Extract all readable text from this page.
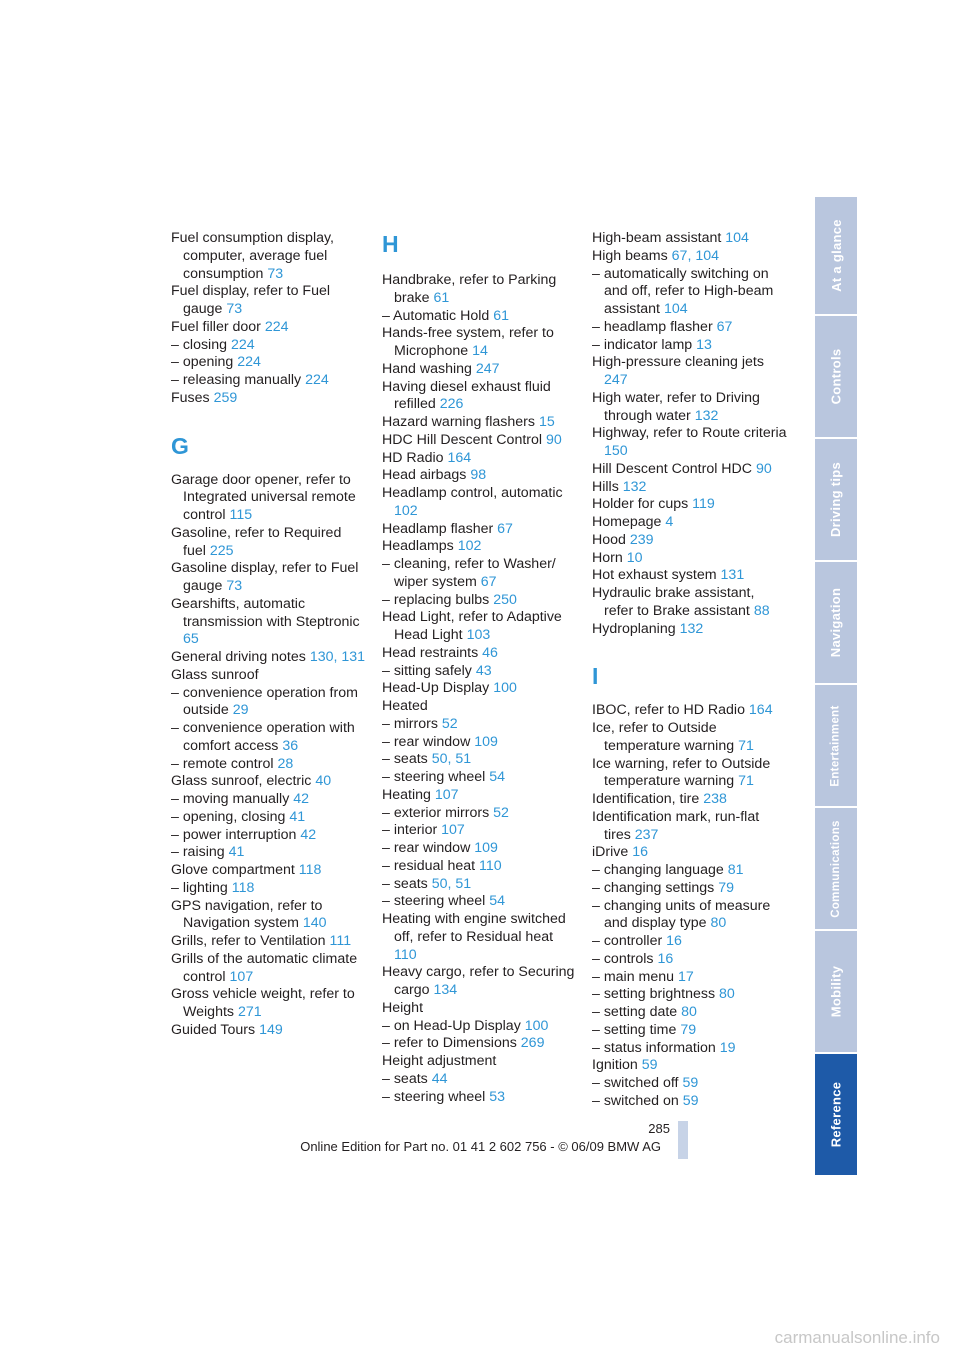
Fuel consumption display, computer, average fuel consumption 73
Fuel display, refer to Fuel gauge 73
Fuel filler door 224
– closing 224
– opening 224
– releasing manually 224
Fuses 259
G
Garage door opener, refer to Integrated universal remote control 115
Gasoline, refer to Required fuel 225
Gasoline display, refer to Fuel gauge 73
Gearshifts, automatic transmission with Steptronic 65
General driving notes 130, 131
Glass sunroof
– convenience operation from outside 29
– convenience operation with comfort access 36
– remote control 28
Glass sunroof, electric 40
– moving manually 42
– opening, closing 41
– power interruption 42
– raising 41
Glove compartment 118
– lighting 118
GPS navigation, refer to Navigation system 140
Grills, refer to Ventilation 111
Grills of the automatic climate control 107
Gross vehicle weight, refer to Weights 271
Guided Tours 149
H
Handbrake, refer to Parking brake 61
– Automatic Hold 61
Hands-free system, refer to Microphone 14
Hand washing 247
Having diesel exhaust fluid refilled 226
Hazard warning flashers 15
HDC Hill Descent Control 90
HD Radio 164
Head airbags 98
Headlamp control, automatic 102
Headlamp flasher 67
Headlamps 102
– cleaning, refer to Washer/ wiper system 67
– replacing bulbs 250
Head Light, refer to Adaptive Head Light 103
Head restraints 46
– sitting safely 43
Head-Up Display 100
Heated
– mirrors 52
– rear window 109
– seats 50, 51
– steering wheel 54
Heating 107
– exterior mirrors 52
– interior 107
– rear window 109
– residual heat 110
– seats 50, 51
– steering wheel 54
Heating with engine switched off, refer to Residual heat 110
Heavy cargo, refer to Securing cargo 134
Height
– on Head-Up Display 100
– refer to Dimensions 269
Height adjustment
– seats 44
– steering wheel 53
High-beam assistant 104
High beams 67, 104
– automatically switching on and off, refer to High-beam assistant 104
– headlamp flasher 67
– indicator lamp 13
High-pressure cleaning jets 247
High water, refer to Driving through water 132
Highway, refer to Route criteria 150
Hill Descent Control HDC 90
Hills 132
Holder for cups 119
Homepage 4
Hood 239
Horn 10
Hot exhaust system 131
Hydraulic brake assistant, refer to Brake assistant 88
Hydroplaning 132
I
IBOC, refer to HD Radio 164
Ice, refer to Outside temperature warning 71
Ice warning, refer to Outside temperature warning 71
Identification, tire 238
Identification mark, run-flat tires 237
iDrive 16
– changing language 81
– changing settings 79
– changing units of measure and display type 80
– controller 16
– controls 16
– main menu 17
– setting brightness 80
– setting date 80
– setting time 79
– status information 19
Ignition 59
– switched off 59
– switched on 59
At a glance
Controls
Driving tips
Navigation
Entertainment
Communications
Mobility
Reference
285
Online Edition for Part no. 01 41 2 602 756 - © 06/09 BMW AG
carmanualsonline.info
